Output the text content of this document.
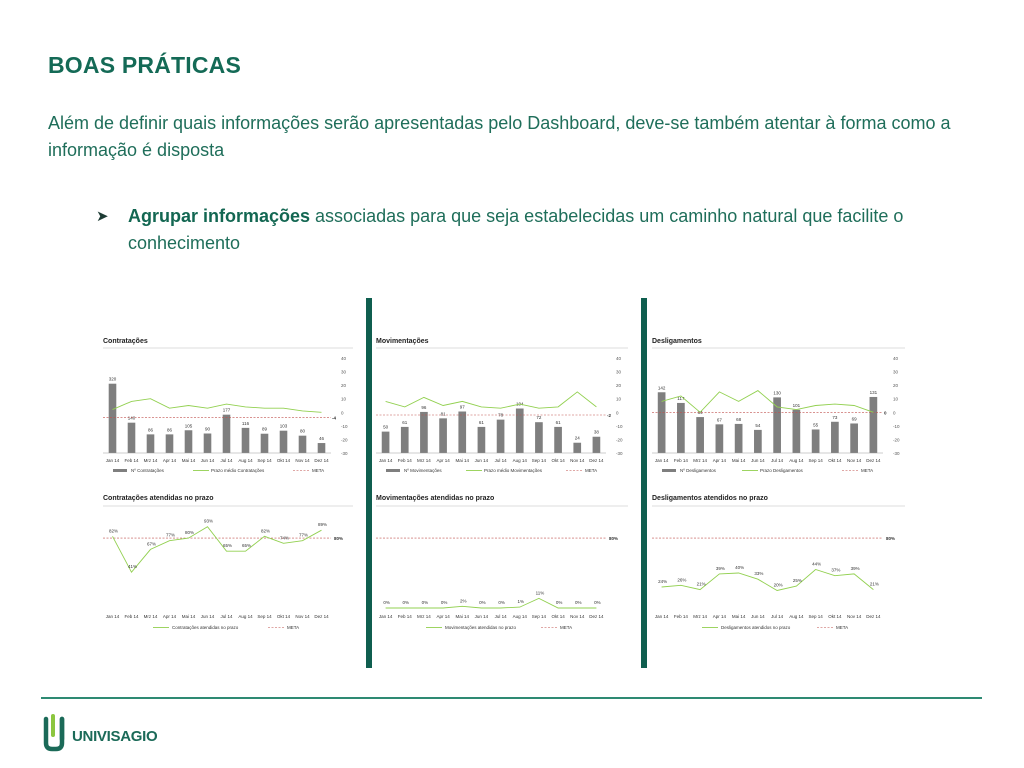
BOAS PRÁTICAS
Além de definir quais informações serão apresentadas pelo Dashboard, deve-se também atentar à forma como a informação é disposta
➤	Agrupar informações associadas para que seja estabelecidas um caminho natural que facilite o conhecimento
Contratações
40
30
20
10
0
-10
-20
-30
320
Jan 14
140
Feb 14
86
Mrz 14
86
Apr 14
105
Mai 14
90
Jun 14
177
Jul 14
116
Aug 14
89
Sep 14
103
Okt 14
80
Nov 14
46
Dez 14
-4
Nº Contratações	Prazo médio Contratações	META
Movimentações
40
30
20
10
0
-10
-20
-30
50
Jan 14
61
Feb 14
96
Mrz 14
81
Apr 14
97
Mai 14
61
Jun 14
78
Jul 14
104
Aug 14
72
Sep 14
61
Okt 14
24
Nov 14
38
Dez 14
-2
Nº Movimentações	Prazo médio Movimentações	META
Desligamentos
40
30
20
10
0
-10
-20
-30
142
Jan 14
117
Feb 14
84
Mrz 14
67
Apr 14
68
Mai 14
54
Jun 14
130
Jul 14
101
Aug 14
55
Sep 14
73
Okt 14
69
Nov 14
131
Dez 14
0
Nº Desligamentos	Prazo Desligamentos	META
Contratações atendidas no prazo
80%
82%
Jan 14
41%
Feb 14
67%
Mrz 14
77%
Apr 14
80%
Mai 14
93%
Jun 14
65%
Jul 14
65%
Aug 14
82%
Sep 14
74%
Okt 14
77%
Nov 14
89%
Dez 14
Contratações atendidas no prazo	META
Movimentações atendidas no prazo
80%
0%
Jan 14
0%
Feb 14
0%
Mrz 14
0%
Apr 14
2%
Mai 14
0%
Jun 14
0%
Jul 14
1%
Aug 14
11%
Sep 14
0%
Okt 14
0%
Nov 14
0%
Dez 14
Movimentações atendidas no prazo	META
Desligamentos atendidos no prazo
80%
24%
Jan 14
26%
Feb 14
21%
Mrz 14
39%
Apr 14
40%
Mai 14
33%
Jun 14
20%
Jul 14
25%
Aug 14
44%
Sep 14
37%
Okt 14
39%
Nov 14
21%
Dez 14
Desligamentos atendidos no prazo	META
UNIVISAGIO
